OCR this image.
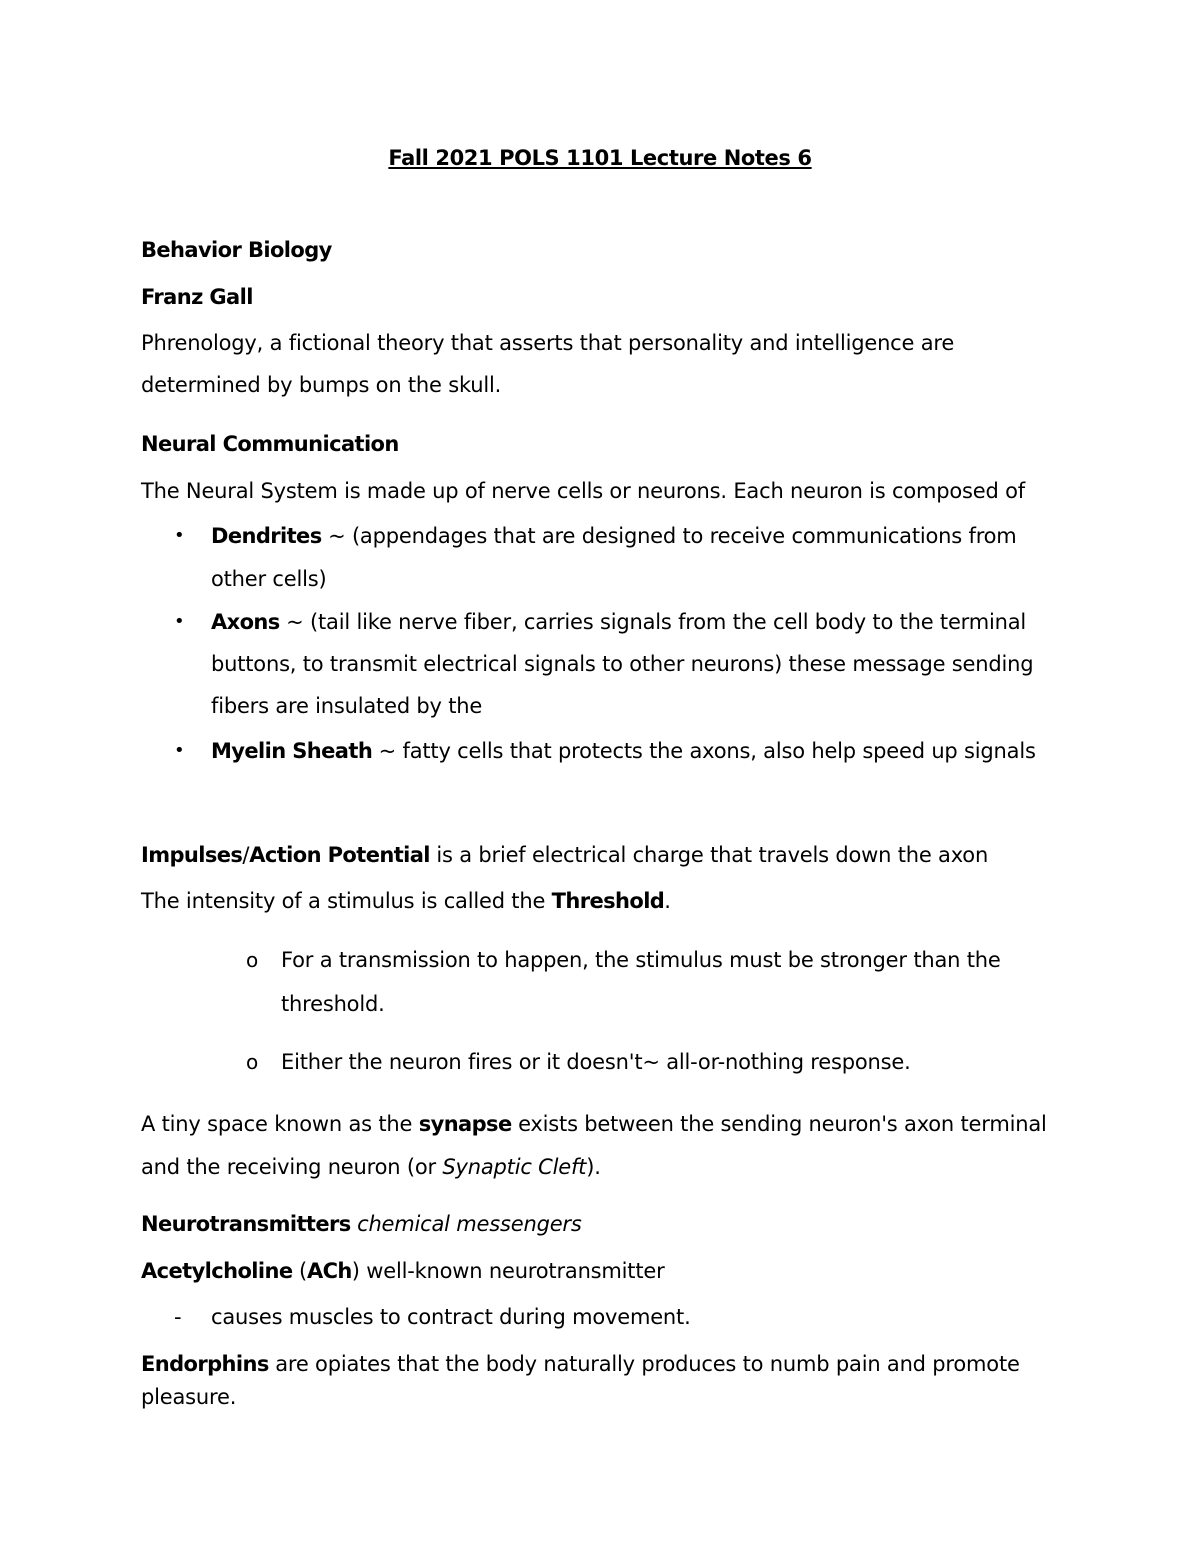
Fall 2021 POLS 1101 Lecture Notes 6
Behavior Biology
Franz Gall
Phrenology, a fictional theory that asserts that personality and intelligence are
determined by bumps on the skull.
Neural Communication
The Neural System is made up of nerve cells or neurons. Each neuron is composed of
• Dendrites ~ (appendages that are designed to receive communications from
other cells)
• Axons ~ (tail like nerve fiber, carries signals from the cell body to the terminal
buttons, to transmit electrical signals to other neurons) these message sending
fibers are insulated by the
• Myelin Sheath ~ fatty cells that protects the axons, also help speed up signals
Impulses/Action Potential is a brief electrical charge that travels down the axon
The intensity of a stimulus is called the Threshold.
o For a transmission to happen, the stimulus must be stronger than the
threshold.
o Either the neuron fires or it doesn't~ all-or-nothing response.
A tiny space known as the synapse exists between the sending neuron's axon terminal
and the receiving neuron (or Synaptic Cleft).
Neurotransmitters chemical messengers
Acetylcholine (ACh) well-known neurotransmitter
- causes muscles to contract during movement.
Endorphins are opiates that the body naturally produces to numb pain and promote
pleasure.
